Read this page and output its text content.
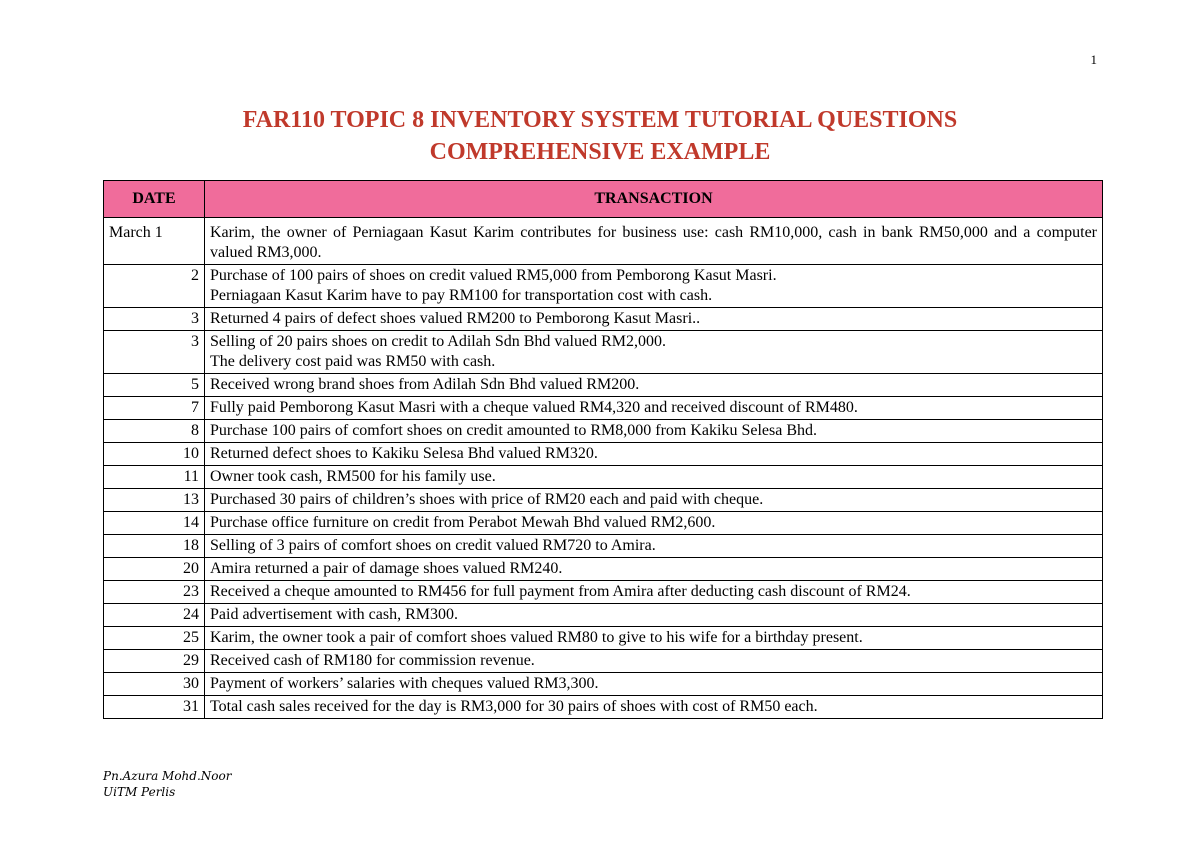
1
FAR110 TOPIC 8 INVENTORY SYSTEM TUTORIAL QUESTIONS
COMPREHENSIVE EXAMPLE
DATE	TRANSACTION
March 1	Karim, the owner of Perniagaan Kasut Karim contributes for business use: cash RM10,000, cash in bank RM50,000 and a computer valued RM3,000.

2	Purchase of 100 pairs of shoes on credit valued RM5,000 from Pemborong Kasut Masri.
Perniagaan Kasut Karim have to pay RM100 for transportation cost with cash.

3	Returned 4 pairs of defect shoes valued RM200 to Pemborong Kasut Masri..

3	Selling of 20 pairs shoes on credit to Adilah Sdn Bhd valued RM2,000.
The delivery cost paid was RM50 with cash.

5	Received wrong brand shoes from Adilah Sdn Bhd valued RM200.

7	Fully paid Pemborong Kasut Masri with a cheque valued RM4,320 and received discount of RM480.

8	Purchase 100 pairs of comfort shoes on credit amounted to RM8,000 from Kakiku Selesa Bhd.

10	Returned defect shoes to Kakiku Selesa Bhd valued RM320.

11	Owner took cash, RM500 for his family use.

13	Purchased 30 pairs of children’s shoes with price of RM20 each and paid with cheque.

14	Purchase office furniture on credit from Perabot Mewah Bhd valued RM2,600.

18	Selling of 3 pairs of comfort shoes on credit valued RM720 to Amira.

20	Amira returned a pair of damage shoes valued RM240.

23	Received a cheque amounted to RM456 for full payment from Amira after deducting cash discount of RM24.

24	Paid advertisement with cash, RM300.

25	Karim, the owner took a pair of comfort shoes valued RM80 to give to his wife for a birthday present.

29	Received cash of RM180 for commission revenue.

30	Payment of workers’ salaries with cheques valued RM3,300.

31	Total cash sales received for the day is RM3,000 for 30 pairs of shoes with cost of RM50 each.
Pn.Azura Mohd.Noor
UiTM Perlis
